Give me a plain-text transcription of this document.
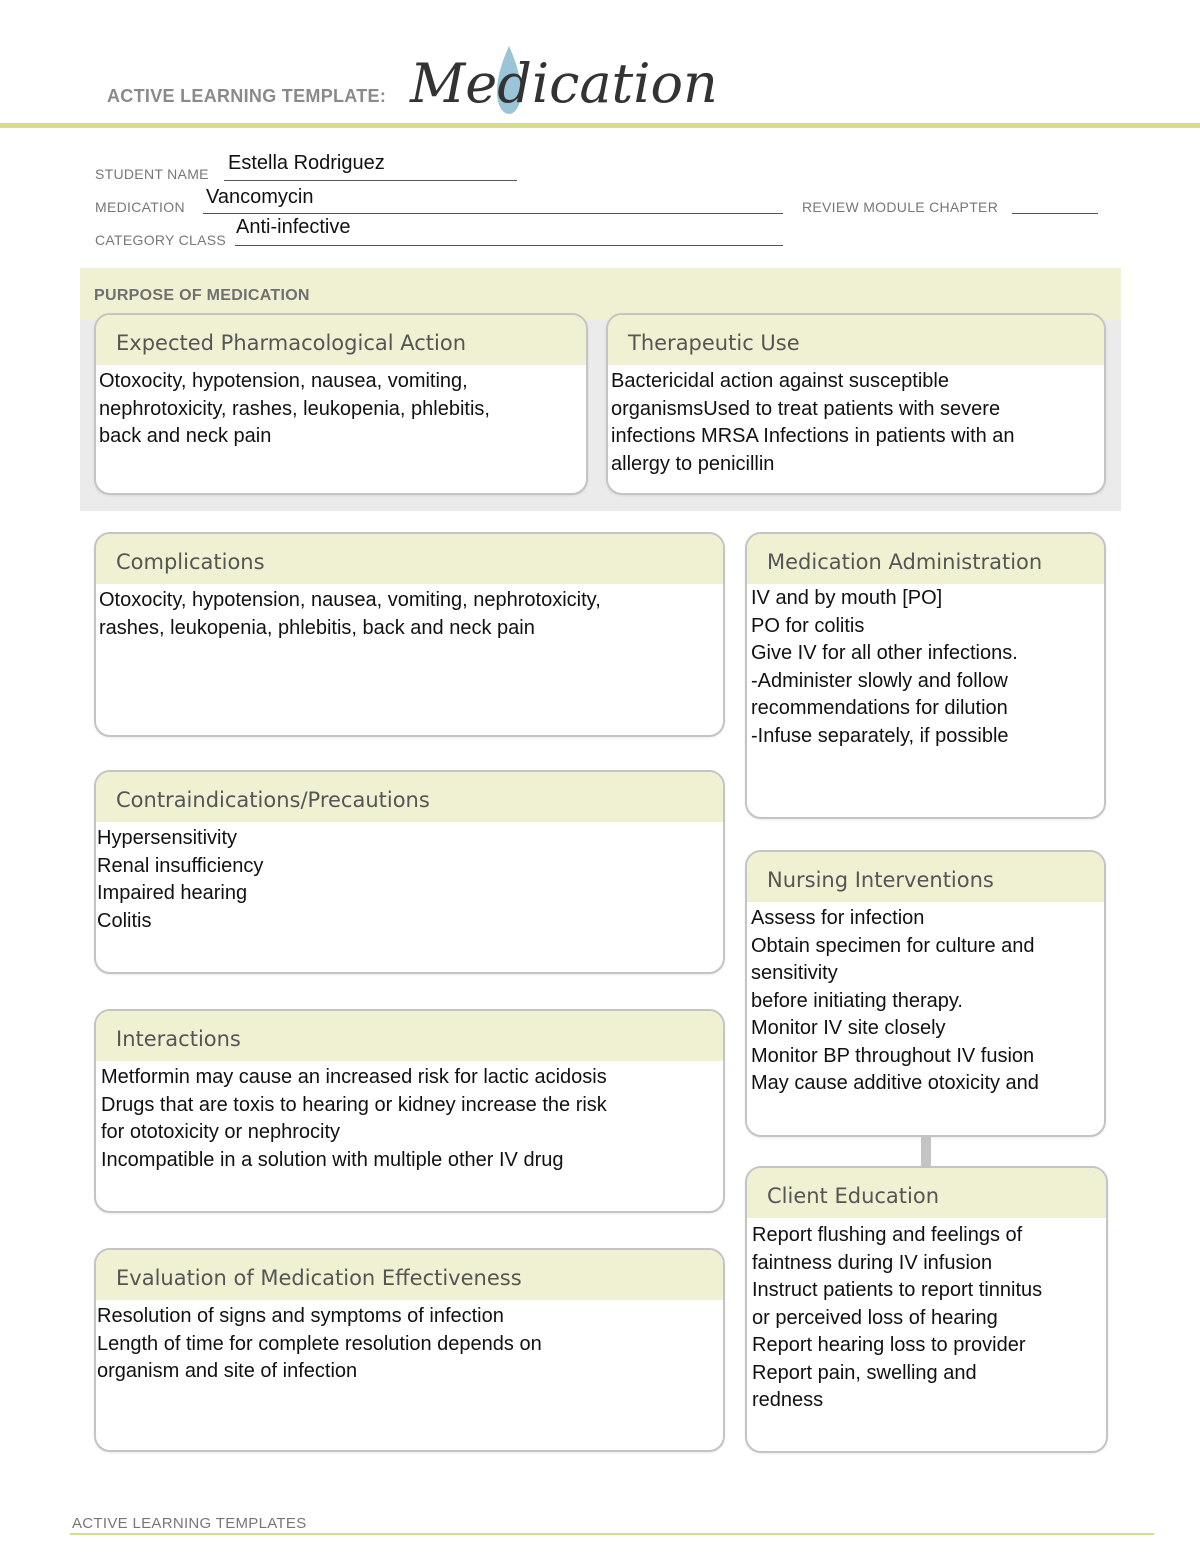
ACTIVE LEARNING TEMPLATE: Medication
STUDENT NAME Estella Rodriguez
MEDICATION Vancomycin	REVIEW MODULE CHAPTER
CATEGORY CLASS
Anti-infective
PURPOSE OF MEDICATION
Expected Pharmacological Action
Otoxocity, hypotension, nausea, vomiting,
nephrotoxicity, rashes, leukopenia, phlebitis,
back and neck pain
Therapeutic Use
Bactericidal action against susceptible
organismsUsed to treat patients with severe
infections MRSA Infections in patients with an
allergy to penicillin
Complications
Otoxocity, hypotension, nausea, vomiting, nephrotoxicity,
rashes, leukopenia, phlebitis, back and neck pain
Contraindications/Precautions
Hypersensitivity
Renal insufficiency
Impaired hearing
Colitis
Interactions
Metformin may cause an increased risk for lactic acidosis
Drugs that are toxis to hearing or kidney increase the risk
for ototoxicity or nephrocity
Incompatible in a solution with multiple other IV drug
Evaluation of Medication Effectiveness
Resolution of signs and symptoms of infection
Length of time for complete resolution depends on
organism and site of infection
Medication Administration
IV and by mouth [PO]
PO for colitis
Give IV for all other infections.
-Administer slowly and follow
recommendations for dilution
-Infuse separately, if possible
Nursing Interventions
Assess for infection
Obtain specimen for culture and
sensitivity
before initiating therapy.
Monitor IV site closely
Monitor BP throughout IV fusion
May cause additive otoxicity and
Client Education
Report flushing and feelings of
faintness during IV infusion
Instruct patients to report tinnitus
or perceived loss of hearing
Report hearing loss to provider
Report pain, swelling and
redness
ACTIVE LEARNING TEMPLATES
